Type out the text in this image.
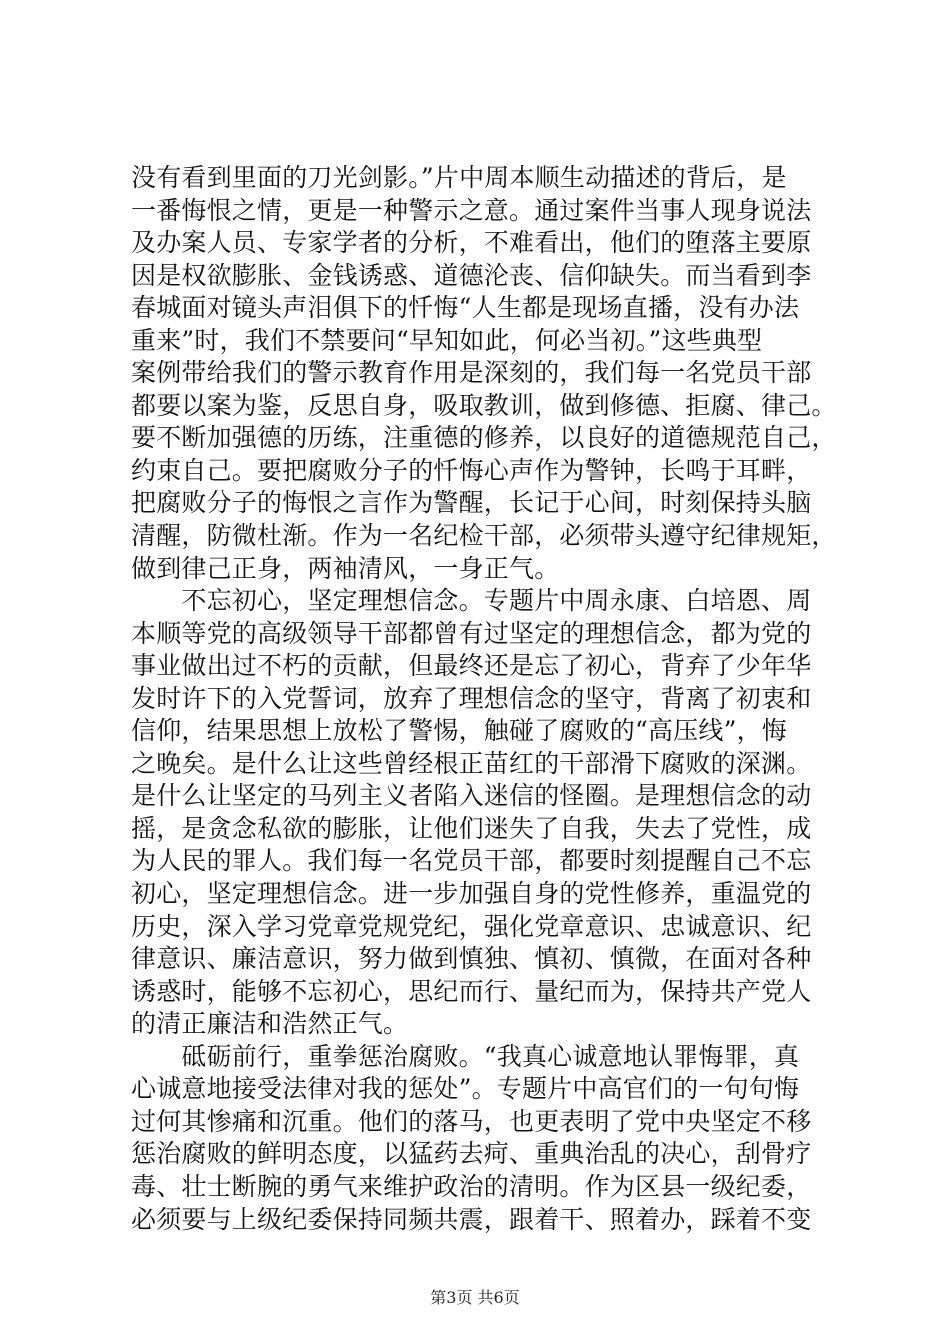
没有看到里面的刀光剑影。”片中周本顺生动描述的背后，是
一番悔恨之情，更是一种警示之意。通过案件当事人现身说法
及办案人员、专家学者的分析，不难看出，他们的堕落主要原
因是权欲膨胀、金钱诱惑、道德沦丧、信仰缺失。而当看到李
春城面对镜头声泪俱下的忏悔“人生都是现场直播，没有办法
重来”时，我们不禁要问“早知如此，何必当初。”这些典型
案例带给我们的警示教育作用是深刻的，我们每一名党员干部
都要以案为鉴，反思自身，吸取教训，做到修德、拒腐、律己。
要不断加强德的历练，注重德的修养，以良好的道德规范自己，
约束自己。要把腐败分子的忏悔心声作为警钟，长鸣于耳畔，
把腐败分子的悔恨之言作为警醒，长记于心间，时刻保持头脑
清醒，防微杜渐。作为一名纪检干部，必须带头遵守纪律规矩，
做到律己正身，两袖清风，一身正气。
　　不忘初心，坚定理想信念。专题片中周永康、白培恩、周
本顺等党的高级领导干部都曾有过坚定的理想信念，都为党的
事业做出过不朽的贡献，但最终还是忘了初心，背弃了少年华
发时许下的入党誓词，放弃了理想信念的坚守，背离了初衷和
信仰，结果思想上放松了警惕，触碰了腐败的“高压线”，悔
之晚矣。是什么让这些曾经根正苗红的干部滑下腐败的深渊。
是什么让坚定的马列主义者陷入迷信的怪圈。是理想信念的动
摇，是贪念私欲的膨胀，让他们迷失了自我，失去了党性，成
为人民的罪人。我们每一名党员干部，都要时刻提醒自己不忘
初心，坚定理想信念。进一步加强自身的党性修养，重温党的
历史，深入学习党章党规党纪，强化党章意识、忠诚意识、纪
律意识、廉洁意识，努力做到慎独、慎初、慎微，在面对各种
诱惑时，能够不忘初心，思纪而行、量纪而为，保持共产党人
的清正廉洁和浩然正气。
　　砥砺前行，重拳惩治腐败。“我真心诚意地认罪悔罪，真
心诚意地接受法律对我的惩处”。专题片中高官们的一句句悔
过何其惨痛和沉重。他们的落马，也更表明了党中央坚定不移
惩治腐败的鲜明态度，以猛药去疴、重典治乱的决心，刮骨疗
毒、壮士断腕的勇气来维护政治的清明。作为区县一级纪委，
必须要与上级纪委保持同频共震，跟着干、照着办，踩着不变
第3页 共6页
